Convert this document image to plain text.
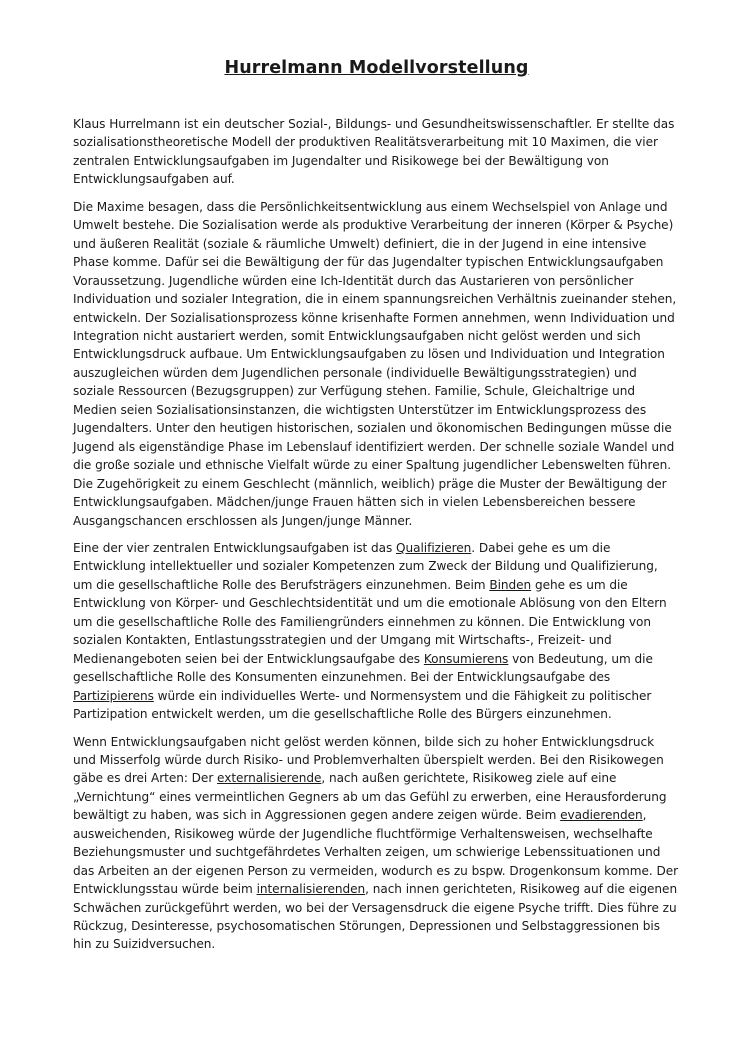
Hurrelmann Modellvorstellung

Klaus Hurrelmann ist ein deutscher Sozial-, Bildungs- und Gesundheitswissenschaftler. Er stellte das sozialisationstheoretische Modell der produktiven Realitätsverarbeitung mit 10 Maximen, die vier zentralen Entwicklungsaufgaben im Jugendalter und Risikowege bei der Bewältigung von Entwicklungsaufgaben auf.

Die Maxime besagen, dass die Persönlichkeitsentwicklung aus einem Wechselspiel von Anlage und Umwelt bestehe. Die Sozialisation werde als produktive Verarbeitung der inneren (Körper & Psyche) und äußeren Realität (soziale & räumliche Umwelt) definiert, die in der Jugend in eine intensive Phase komme. Dafür sei die Bewältigung der für das Jugendalter typischen Entwicklungsaufgaben Voraussetzung. Jugendliche würden eine Ich-Identität durch das Austarieren von persönlicher Individuation und sozialer Integration, die in einem spannungsreichen Verhältnis zueinander stehen, entwickeln. Der Sozialisationsprozess könne krisenhafte Formen annehmen, wenn Individuation und Integration nicht austariert werden, somit Entwicklungsaufgaben nicht gelöst werden und sich Entwicklungsdruck aufbaue. Um Entwicklungsaufgaben zu lösen und Individuation und Integration auszugleichen würden dem Jugendlichen personale (individuelle Bewältigungsstrategien) und soziale Ressourcen (Bezugsgruppen) zur Verfügung stehen. Familie, Schule, Gleichaltrige und Medien seien Sozialisationsinstanzen, die wichtigsten Unterstützer im Entwicklungsprozess des Jugendalters. Unter den heutigen historischen, sozialen und ökonomischen Bedingungen müsse die Jugend als eigenständige Phase im Lebenslauf identifiziert werden. Der schnelle soziale Wandel und die große soziale und ethnische Vielfalt würde zu einer Spaltung jugendlicher Lebenswelten führen. Die Zugehörigkeit zu einem Geschlecht (männlich, weiblich) präge die Muster der Bewältigung der Entwicklungsaufgaben. Mädchen/junge Frauen hätten sich in vielen Lebensbereichen bessere Ausgangschancen erschlossen als Jungen/junge Männer.

Eine der vier zentralen Entwicklungsaufgaben ist das Qualifizieren. Dabei gehe es um die Entwicklung intellektueller und sozialer Kompetenzen zum Zweck der Bildung und Qualifizierung, um die gesellschaftliche Rolle des Berufsträgers einzunehmen. Beim Binden gehe es um die Entwicklung von Körper- und Geschlechtsidentität und um die emotionale Ablösung von den Eltern um die gesellschaftliche Rolle des Familiengründers einnehmen zu können. Die Entwicklung von sozialen Kontakten, Entlastungsstrategien und der Umgang mit Wirtschafts-, Freizeit- und Medienangeboten seien bei der Entwicklungsaufgabe des Konsumierens von Bedeutung, um die gesellschaftliche Rolle des Konsumenten einzunehmen. Bei der Entwicklungsaufgabe des Partizipierens würde ein individuelles Werte- und Normensystem und die Fähigkeit zu politischer Partizipation entwickelt werden, um die gesellschaftliche Rolle des Bürgers einzunehmen.

Wenn Entwicklungsaufgaben nicht gelöst werden können, bilde sich zu hoher Entwicklungsdruck und Misserfolg würde durch Risiko- und Problemverhalten überspielt werden. Bei den Risikowegen gäbe es drei Arten: Der externalisierende, nach außen gerichtete, Risikoweg ziele auf eine „Vernichtung“ eines vermeintlichen Gegners ab um das Gefühl zu erwerben, eine Herausforderung bewältigt zu haben, was sich in Aggressionen gegen andere zeigen würde. Beim evadierenden, ausweichenden, Risikoweg würde der Jugendliche fluchtförmige Verhaltensweisen, wechselhafte Beziehungsmuster und suchtgefährdetes Verhalten zeigen, um schwierige Lebenssituationen und das Arbeiten an der eigenen Person zu vermeiden, wodurch es zu bspw. Drogenkonsum komme. Der Entwicklungsstau würde beim internalisierenden, nach innen gerichteten, Risikoweg auf die eigenen Schwächen zurückgeführt werden, wo bei der Versagensdruck die eigene Psyche trifft. Dies führe zu Rückzug, Desinteresse, psychosomatischen Störungen, Depressionen und Selbstaggressionen bis hin zu Suizidversuchen.
